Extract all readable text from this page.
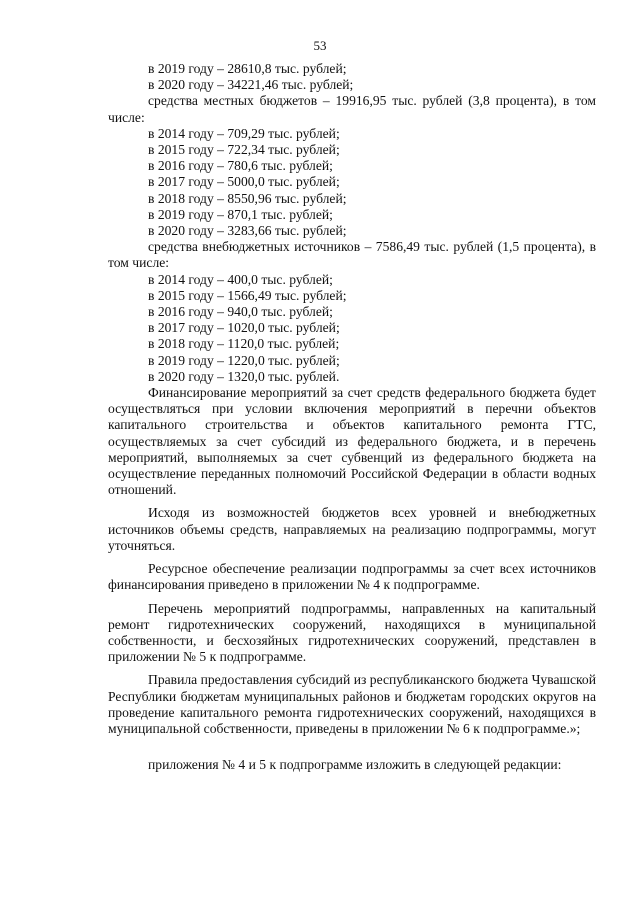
53
в 2019 году – 28610,8 тыс. рублей;
в 2020 году – 34221,46 тыс. рублей;
средства местных бюджетов – 19916,95 тыс. рублей (3,8 процента), в том числе:
в 2014 году – 709,29 тыс. рублей;
в 2015 году – 722,34 тыс. рублей;
в 2016 году – 780,6 тыс. рублей;
в 2017 году – 5000,0 тыс. рублей;
в 2018 году – 8550,96 тыс. рублей;
в 2019 году – 870,1 тыс. рублей;
в 2020 году – 3283,66 тыс. рублей;
средства внебюджетных источников – 7586,49 тыс. рублей (1,5 процента), в том числе:
в 2014 году – 400,0 тыс. рублей;
в 2015 году – 1566,49 тыс. рублей;
в 2016 году – 940,0 тыс. рублей;
в 2017 году – 1020,0 тыс. рублей;
в 2018 году – 1120,0 тыс. рублей;
в 2019 году – 1220,0 тыс. рублей;
в 2020 году – 1320,0 тыс. рублей.
Финансирование мероприятий за счет средств федерального бюджета будет осуществляться при условии включения мероприятий в перечни объектов капитального строительства и объектов капитального ремонта ГТС, осуществляемых за счет субсидий из федерального бюджета, и в перечень мероприятий, выполняемых за счет субвенций из федерального бюджета на осуществление переданных полномочий Российской Федерации в области водных отношений.
Исходя из возможностей бюджетов всех уровней и внебюджетных источников объемы средств, направляемых на реализацию подпрограммы, могут уточняться.
Ресурсное обеспечение реализации подпрограммы за счет всех источников финансирования приведено в приложении № 4 к подпрограмме.
Перечень мероприятий подпрограммы, направленных на капитальный ремонт гидротехнических сооружений, находящихся в муниципальной собственности, и бесхозяйных гидротехнических сооружений, представлен в приложении № 5 к подпрограмме.
Правила предоставления субсидий из республиканского бюджета Чувашской Республики бюджетам муниципальных районов и бюджетам городских округов на проведение капитального ремонта гидротехнических сооружений, находящихся в муниципальной собственности, приведены в приложении № 6 к подпрограмме.»;
приложения № 4 и 5 к подпрограмме изложить в следующей редакции:
